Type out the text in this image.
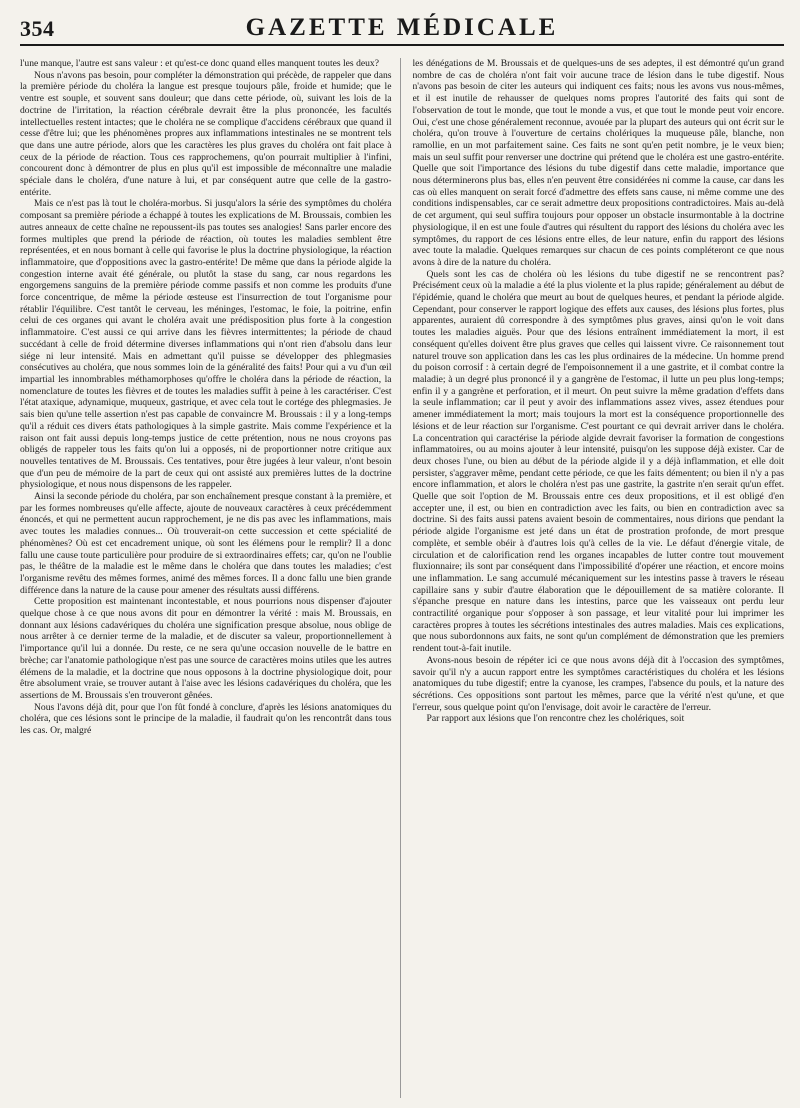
354	GAZETTE MÉDICALE

l'une manque, l'autre est sans valeur : et qu'est-ce donc quand elles manquent toutes les deux?

Nous n'avons pas besoin, pour compléter la démonstration qui précède, de rappeler que dans la première période du choléra la langue est presque toujours pâle, froide et humide; que le ventre est souple, et souvent sans douleur; que dans cette période, où, suivant les lois de la doctrine de l'irritation, la réaction cérébrale devrait être la plus prononcée, les facultés intellectuelles restent intactes; que le choléra ne se complique d'accidens cérébraux que quand il cesse d'être lui; que les phénomènes propres aux inflammations intestinales ne se montrent tels que dans une autre période, alors que les caractères les plus graves du choléra ont fait place à ceux de la période de réaction. Tous ces rapprochemens, qu'on pourrait multiplier à l'infini, concourent donc à démontrer de plus en plus qu'il est impossible de méconnaître une maladie spéciale dans le choléra, d'une nature à lui, et par conséquent autre que celle de la gastro-entérite.

Mais ce n'est pas là tout le choléra-morbus. Si jusqu'alors la série des symptômes du choléra composant sa première période a échappé à toutes les explications de M. Broussais, combien les autres anneaux de cette chaîne ne repoussent-ils pas toutes ses analogies! Sans parler encore des formes multiples que prend la période de réaction, où toutes les maladies semblent être représentées, et en nous bornant à celle qui favorise le plus la doctrine physiologique, la réaction inflammatoire, que d'oppositions avec la gastro-entérite! De même que dans la période algide la congestion interne avait été générale, ou plutôt la stase du sang, car nous regardons les engorgemens sanguins de la première période comme passifs et non comme les produits d'une force concentrique, de même la période œsteuse est l'insurrection de tout l'organisme pour rétablir l'équilibre. C'est tantôt le cerveau, les méninges, l'estomac, le foie, la poitrine, enfin celui de ces organes qui avant le choléra avait une prédisposition plus forte à la congestion inflammatoire. C'est aussi ce qui arrive dans les fièvres intermittentes; la période de chaud succédant à celle de froid détermine diverses inflammations qui n'ont rien d'absolu dans leur siége ni leur intensité. Mais en admettant qu'il puisse se développer des phlegmasies consécutives au choléra, que nous sommes loin de la généralité des faits! Pour qui a vu d'un œil impartial les innombrables méthamorphoses qu'offre le choléra dans la période de réaction, la nomenclature de toutes les fièvres et de toutes les maladies suffit à peine à les caractériser. C'est l'état ataxique, adynamique, muqueux, gastrique, et avec cela tout le cortége des phlegmasies. Je sais bien qu'une telle assertion n'est pas capable de convaincre M. Broussais : il y a long-temps qu'il a réduit ces divers états pathologiques à la simple gastrite. Mais comme l'expérience et la raison ont fait aussi depuis long-temps justice de cette prétention, nous ne nous croyons pas obligés de rappeler tous les faits qu'on lui a opposés, ni de proportionner notre critique aux nouvelles tentatives de M. Broussais. Ces tentatives, pour être jugées à leur valeur, n'ont besoin que d'un peu de mémoire de la part de ceux qui ont assisté aux premières luttes de la doctrine physiologique, et nous nous dispensons de les rappeler.

Ainsi la seconde période du choléra, par son enchaînement presque constant à la première, et par les formes nombreuses qu'elle affecte, ajoute de nouveaux caractères à ceux précédemment énoncés, et qui ne permettent aucun rapprochement, je ne dis pas avec les inflammations, mais avec toutes les maladies connues... Où trouverait-on cette succession et cette spécialité de phénomènes? Où est cet encadrement unique, où sont les élémens pour le remplir? Il a donc fallu une cause toute particulière pour produire de si extraordinaires effets; car, qu'on ne l'oublie pas, le théâtre de la maladie est le même dans le choléra que dans toutes les maladies; c'est l'organisme revêtu des mêmes formes, animé des mêmes forces. Il a donc fallu une bien grande différence dans la nature de la cause pour amener des résultats aussi différens.

Cette proposition est maintenant incontestable, et nous pourrions nous dispenser d'ajouter quelque chose à ce que nous avons dit pour en démontrer la vérité : mais M. Broussais, en donnant aux lésions cadavériques du choléra une signification presque absolue, nous oblige de nous arrêter à ce dernier terme de la maladie, et de discuter sa valeur, proportionnellement à l'importance qu'il lui a donnée. Du reste, ce ne sera qu'une occasion nouvelle de le battre en brèche; car l'anatomie pathologique n'est pas une source de caractères moins utiles que les autres élémens de la maladie, et la doctrine que nous opposons à la doctrine physiologique doit, pour être absolument vraie, se trouver autant à l'aise avec les lésions cadavériques du choléra, que les assertions de M. Broussais s'en trouveront gênées.

Nous l'avons déjà dit, pour que l'on fût fondé à conclure, d'après les lésions anatomiques du choléra, que ces lésions sont le principe de la maladie, il faudrait qu'on les rencontrât dans tous les cas. Or, malgré

les dénégations de M. Broussais et de quelques-uns de ses adeptes, il est démontré qu'un grand nombre de cas de choléra n'ont fait voir aucune trace de lésion dans le tube digestif. Nous n'avons pas besoin de citer les auteurs qui indiquent ces faits; nous les avons vus nous-mêmes, et il est inutile de rehausser de quelques noms propres l'autorité des faits qui sont de l'observation de tout le monde, que tout le monde a vus, et que tout le monde peut voir encore. Oui, c'est une chose généralement reconnue, avouée par la plupart des auteurs qui ont écrit sur le choléra, qu'on trouve à l'ouverture de certains cholériques la muqueuse pâle, blanche, non ramollie, en un mot parfaitement saine. Ces faits ne sont qu'en petit nombre, je le veux bien; mais un seul suffit pour renverser une doctrine qui prétend que le choléra est une gastro-entérite. Quelle que soit l'importance des lésions du tube digestif dans cette maladie, importance que nous déterminerons plus bas, elles n'en peuvent être considérées ni comme la cause, car dans les cas où elles manquent on serait forcé d'admettre des effets sans cause, ni même comme une des conditions indispensables, car ce serait admettre deux propositions contradictoires. Mais au-delà de cet argument, qui seul suffira toujours pour opposer un obstacle insurmontable à la doctrine physiologique, il en est une foule d'autres qui résultent du rapport des lésions du choléra avec les symptômes, du rapport de ces lésions entre elles, de leur nature, enfin du rapport des lésions avec toute la maladie. Quelques remarques sur chacun de ces points compléteront ce que nous avons à dire de la nature du choléra.

Quels sont les cas de choléra où les lésions du tube digestif ne se rencontrent pas? Précisément ceux où la maladie a été la plus violente et la plus rapide; généralement au début de l'épidémie, quand le choléra que meurt au bout de quelques heures, et pendant la période algide. Cependant, pour conserver le rapport logique des effets aux causes, des lésions plus fortes, plus apparentes, auraient dû correspondre à des symptômes plus graves, ainsi qu'on le voit dans toutes les maladies aiguës. Pour que des lésions entraînent immédiatement la mort, il est conséquent qu'elles doivent être plus graves que celles qui laissent vivre. Ce raisonnement tout naturel trouve son application dans les cas les plus ordinaires de la médecine. Un homme prend du poison corrosif : à certain degré de l'empoisonnement il a une gastrite, et il combat contre la maladie; à un degré plus prononcé il y a gangrène de l'estomac, il lutte un peu plus long-temps; enfin il y a gangrène et perforation, et il meurt. On peut suivre la même gradation d'effets dans la seule inflammation; car il peut y avoir des inflammations assez vives, assez étendues pour amener immédiatement la mort; mais toujours la mort est la conséquence proportionnelle des lésions et de leur réaction sur l'organisme. C'est pourtant ce qui devrait arriver dans le choléra. La concentration qui caractérise la période algide devrait favoriser la formation de congestions inflammatoires, ou au moins ajouter à leur intensité, puisqu'on les suppose déjà exister. Car de deux choses l'une, ou bien au début de la période algide il y a déjà inflammation, et elle doit persister, s'aggraver même, pendant cette période, ce que les faits démentent; ou bien il n'y a pas encore inflammation, et alors le choléra n'est pas une gastrite, la gastrite n'en serait qu'un effet. Quelle que soit l'option de M. Broussais entre ces deux propositions, et il est obligé d'en accepter une, il est, ou bien en contradiction avec les faits, ou bien en contradiction avec sa doctrine. Si des faits aussi patens avaient besoin de commentaires, nous dirions que pendant la période algide l'organisme est jeté dans un état de prostration profonde, de mort presque complète, et semble obéir à d'autres lois qu'à celles de la vie. Le défaut d'énergie vitale, de circulation et de calorification rend les organes incapables de lutter contre tout mouvement fluxionnaire; ils sont par conséquent dans l'impossibilité d'opérer une réaction, et encore moins une inflammation. Le sang accumulé mécaniquement sur les intestins passe à travers le réseau capillaire sans y subir d'autre élaboration que le dépouillement de sa matière colorante. Il s'épanche presque en nature dans les intestins, parce que les vaisseaux ont perdu leur contractilité organique pour s'opposer à son passage, et leur vitalité pour lui imprimer les caractères propres à toutes les sécrétions intestinales des autres maladies. Mais ces explications, que nous subordonnons aux faits, ne sont qu'un complément de démonstration que les premiers rendent tout-à-fait inutile.

Avons-nous besoin de répéter ici ce que nous avons déjà dit à l'occasion des symptômes, savoir qu'il n'y a aucun rapport entre les symptômes caractéristiques du choléra et les lésions anatomiques du tube digestif; entre la cyanose, les crampes, l'absence du pouls, et la nature des sécrétions. Ces oppositions sont partout les mêmes, parce que la vérité n'est qu'une, et que l'erreur, sous quelque point qu'on l'envisage, doit avoir le caractère de l'erreur.

Par rapport aux lésions que l'on rencontre chez les cholériques, soit
